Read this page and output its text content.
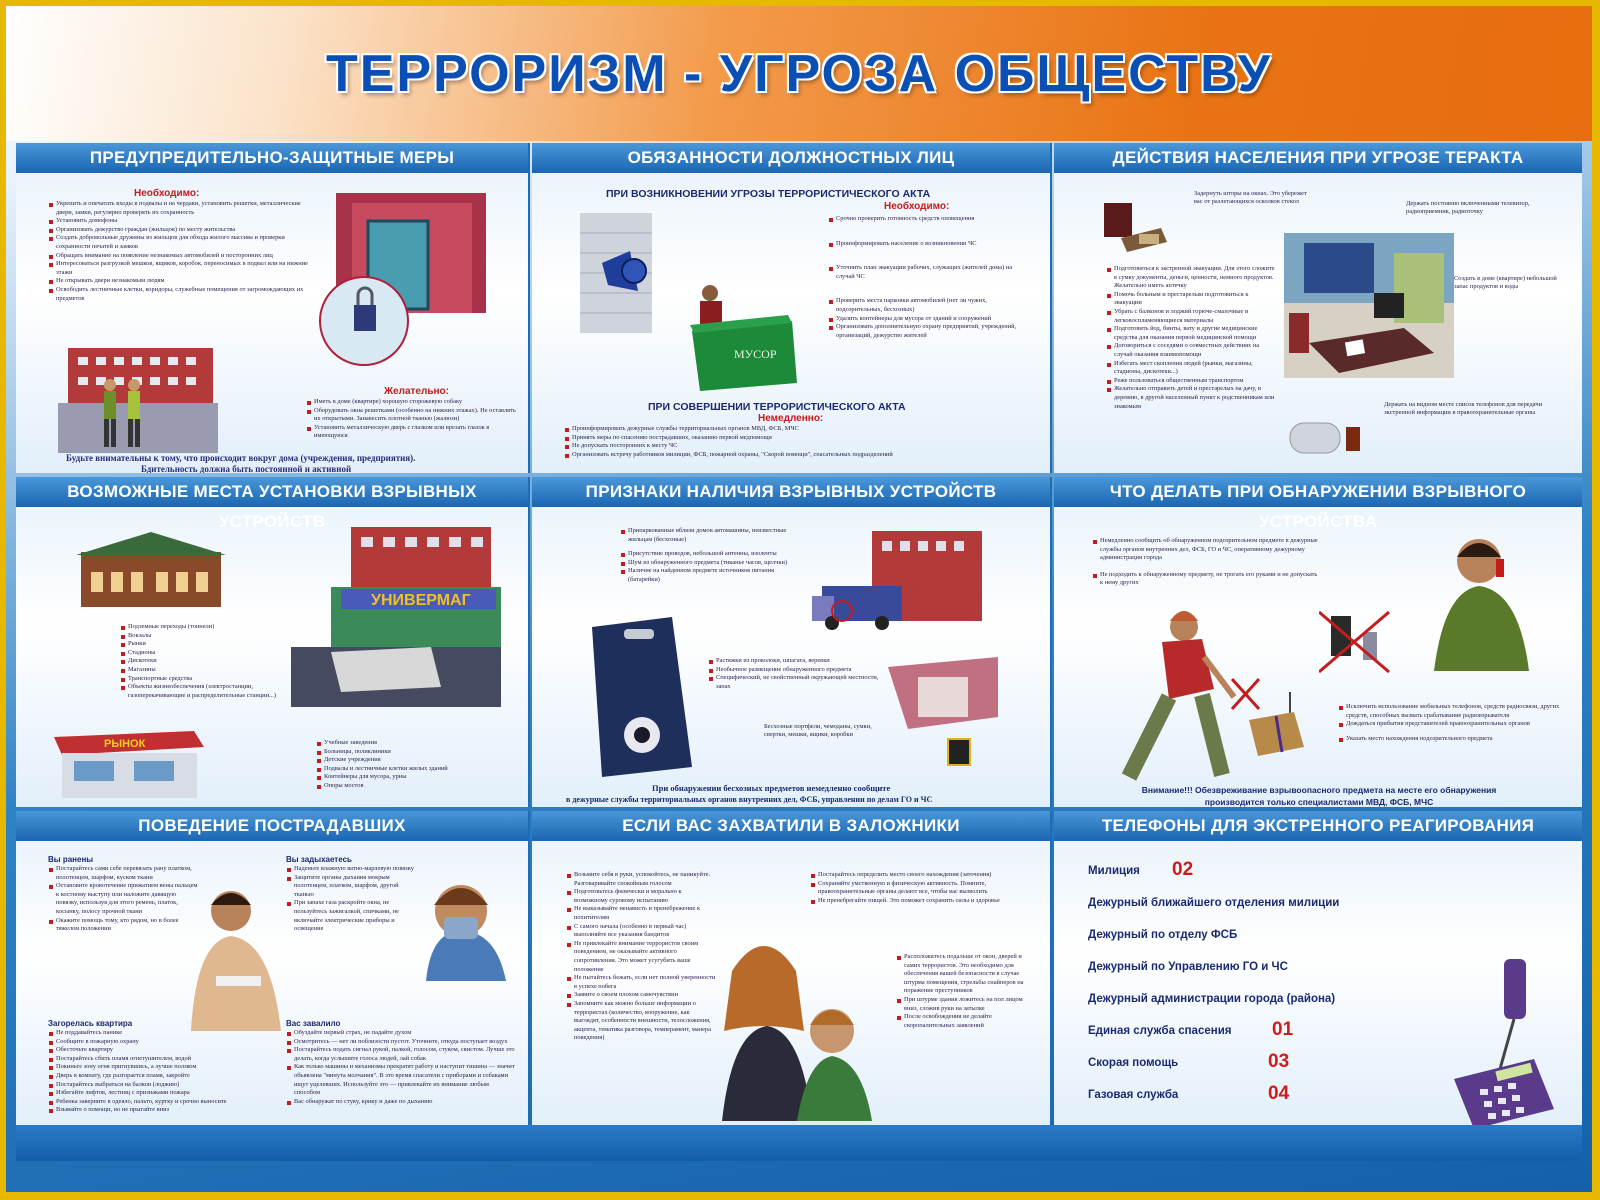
ТЕРРОРИЗМ - УГРОЗА ОБЩЕСТВУ
ПРЕДУПРЕДИТЕЛЬНО-ЗАЩИТНЫЕ МЕРЫ
Необходимо:
Укрепить и опечатать входы в подвалы и на чердаки, установить решетки, металлические двери, замки, регулярно проверять их сохранность
Установить домофоны
Организовать дежурство граждан (жильцов) по месту жительства
Создать добровольные дружины из жильцов для обхода жилого массива и проверки сохранности печатей и замков
Обращать внимание на появление незнакомых автомобилей и посторонних лиц
Интересоваться разгрузкой мешков, ящиков, коробок, переносимых в подвал или на нижние этажи
Не открывать двери незнакомым людям
Освободить лестничные клетки, коридоры, служебные помещения от загромождающих их предметов
Желательно:
Иметь в доме (квартире) хорошую сторожевую собаку
Оборудовать окна решетками (особенно на нижних этажах). Не оставлять их открытыми. Занавесить плотной тканью (жалюзи)
Установить металлическую дверь с глазком или врезать глазок в имеющуюся
Будьте внимательны к тому, что происходит вокруг дома (учреждения, предприятия).
Бдительность должна быть постоянной и активной
ОБЯЗАННОСТИ ДОЛЖНОСТНЫХ ЛИЦ
ПРИ ВОЗНИКНОВЕНИИ УГРОЗЫ ТЕРРОРИСТИЧЕСКОГО АКТА
Необходимо:
МУСОР
Срочно проверить готовность средств оповещения
Проинформировать население о возникновении ЧС
Уточнить план эвакуации рабочих, служащих (жителей дома) на случай ЧС
Проверить места парковки автомобилей (нет ли чужих, подозрительных, бесхозных)
Удалить контейнеры для мусора от зданий и сооружений
Организовать дополнительную охрану предприятий, учреждений, организаций, дежурство жителей
ПРИ СОВЕРШЕНИИ ТЕРРОРИСТИЧЕСКОГО АКТА
Немедленно:
Проинформировать дежурные службы территориальных органов МВД, ФСБ, МЧС
Принять меры по спасению пострадавших, оказанию первой медпомощи
Не допускать посторонних к месту ЧС
Организовать встречу работников милиции, ФСБ, пожарной охраны, "Скорой помощи", спасательных подразделений
ДЕЙСТВИЯ НАСЕЛЕНИЯ ПРИ УГРОЗЕ ТЕРАКТА
Задернуть шторы на окнах. Это убережет вас от разлетающихся осколков стекол	Держать постоянно включенными телевизор, радиоприемник, радиоточку
Подготовиться к экстренной эвакуации. Для этого сложите в сумку документы, деньги, ценности, немного продуктов. Желательно иметь аптечку
Помочь больным и престарелым подготовиться к эвакуации
Убрать с балконов и лоджий горюче-смазочные и легковоспламеняющиеся материалы
Подготовить йод, бинты, вату и другие медицинские средства для оказания первой медицинской помощи
Договориться с соседями о совместных действиях на случай оказания взаимопомощи
Избегать мест скопления людей (рынки, магазины, стадионы, дискотеки...)
Реже пользоваться общественным транспортом
Желательно отправить детей и престарелых на дачу, в деревню, в другой населенный пункт к родственникам или знакомым
Создать в доме (квартире) небольшой запас продуктов и воды
Держать на видном месте список телефонов для передачи экстренной информации в правоохранительные органы
ВОЗМОЖНЫЕ МЕСТА УСТАНОВКИ ВЗРЫВНЫХ УСТРОЙСТВ
УНИВЕРМАГ
Подземные переходы (тоннели)
Вокзалы
Рынки
Стадионы
Дискотеки
Магазины
Транспортные средства
Объекты жизнеобеспечения (электростанции, газоперекачивающие и распределительные станции...)
РЫНОК	Учебные заведения
Больницы, поликлиники
Детские учреждения
Подвалы и лестничные клетки жилых зданий
Контейнеры для мусора, урны
Опоры мостов
ПРИЗНАКИ НАЛИЧИЯ ВЗРЫВНЫХ УСТРОЙСТВ
Припаркованные вблизи домов автомашины, неизвестные жильцам (бесхозные)
Присутствие проводов, небольшой антенны, изоленты
Шум из обнаруженного предмета (тиканье часов, щелчки)
Наличие на найденном предмете источников питания (батарейки)
Растяжки из проволоки, шпагата, веревки
Необычное размещение обнаруженного предмета
Специфический, не свойственный окружающей местности, запах
Бесхозные портфели, чемоданы, сумки, свертки, мешки, ящики, коробки
При обнаружении бесхозных предметов немедленно сообщите
в дежурные службы территориальных органов внутренних дел, ФСБ, управлении по делам ГО и ЧС
ЧТО ДЕЛАТЬ ПРИ ОБНАРУЖЕНИИ ВЗРЫВНОГО УСТРОЙСТВА
Немедленно сообщить об обнаруженном подозрительном предмете в дежурные службы органов внутренних дел, ФСБ, ГО и ЧС, оперативному дежурному администрации города
Не подходить к обнаруженному предмету, не трогать его руками и не допускать к нему других
Исключить использование мобильных телефонов, средств радиосвязи, других средств, способных вызвать срабатывание радиовзрывателя
Дождаться прибытия представителей правоохранительных органов
Указать место нахождения подозрительного предмета
Внимание!!! Обезвреживание взрывоопасного предмета на месте его обнаружения
производится только специалистами МВД, ФСБ, МЧС
ПОВЕДЕНИЕ ПОСТРАДАВШИХ
Вы ранены
Постарайтесь сами себе перевязать рану платком, полотенцем, шарфом, куском ткани
Остановите кровотечение прижатием вены пальцем к костному выступу или наложите давящую повязку, используя для этого ремень, платок, косынку, полосу прочной ткани
Окажите помощь тому, кто рядом, но в более тяжелом положении
Вы задыхаетесь
Наденьте влажную ватно-марлевую повязку
Защитите органы дыхания мокрым полотенцем, платком, шарфом, другой тканью
При запахе газа раскройте окна, не пользуйтесь зажигалкой, спичками, не включайте электрические приборы и освещение
Загорелась квартира
Не поддавайтесь панике
Сообщите в пожарную охрану
Обесточьте квартиру
Постарайтесь сбить пламя огнетушителем, водой
Покиньте зону огня пригнувшись, а лучше ползком
Дверь в комнату, где разгорается пламя, закройте
Постарайтесь выбраться на балкон (лоджию)
Избегайте лифтов, лестниц с признаками пожара
Ребенка заверните в одеяло, пальто, куртку и срочно выносите
Взывайте о помощи, но не прыгайте вниз
Вас завалило
Обуздайте первый страх, не падайте духом
Осмотритесь — нет ли поблизости пустот. Уточните, откуда поступает воздух
Постарайтесь подать сигнал рукой, палкой, голосом, стуком, свистом. Лучше это делать, когда услышите голоса людей, лай собак
Как только машины и механизмы прекратят работу и наступит тишина — значит объявлена "минута молчания". В это время спасатели с приборами и собаками ищут уцелевших. Используйте это — привлекайте их внимание любым способом
Вас обнаружат по стуку, крику и даже по дыханию
ЕСЛИ ВАС ЗАХВАТИЛИ В ЗАЛОЖНИКИ
Возьмите себя в руки, успокойтесь, не паникуйте. Разговаривайте спокойным голосом
Подготовьтесь физически и морально к возможному суровому испытанию
Не выказывайте ненависть и пренебрежение к похитителям
С самого начала (особенно в первый час) выполняйте все указания бандитов
Не привлекайте внимание террористов своим поведением, не оказывайте активного сопротивления. Это может усугубить ваше положение
Не пытайтесь бежать, если нет полной уверенности в успехе побега
Заявите о своем плохом самочувствии
Запомните как можно больше информации о террористах (количество, вооружение, как выглядят, особенности внешности, телосложения, акцента, тематика разговора, темперамент, манера поведения)
Постарайтесь определить место своего нахождения (заточения)
Сохраняйте умственную и физическую активность. Помните, правоохранительные органы делают все, чтобы вас вызволить
Не пренебрегайте пищей. Это поможет сохранить силы и здоровье
Расположитесь подальше от окон, дверей и самих террористов. Это необходимо для обеспечения вашей безопасности в случае штурма помещения, стрельбы снайперов на поражение преступников
При штурме здания ложитесь на пол лицом вниз, сложив руки на затылке
После освобождения не делайте скоропалительных заявлений
ТЕЛЕФОНЫ ДЛЯ ЭКСТРЕННОГО РЕАГИРОВАНИЯ
Милиция 02
Дежурный ближайшего отделения милиции
Дежурный по отделу ФСБ
Дежурный по Управлению ГО и ЧС
Дежурный администрации города (района)
Единая служба спасения 01
Скорая помощь	03
Газовая служба	04
